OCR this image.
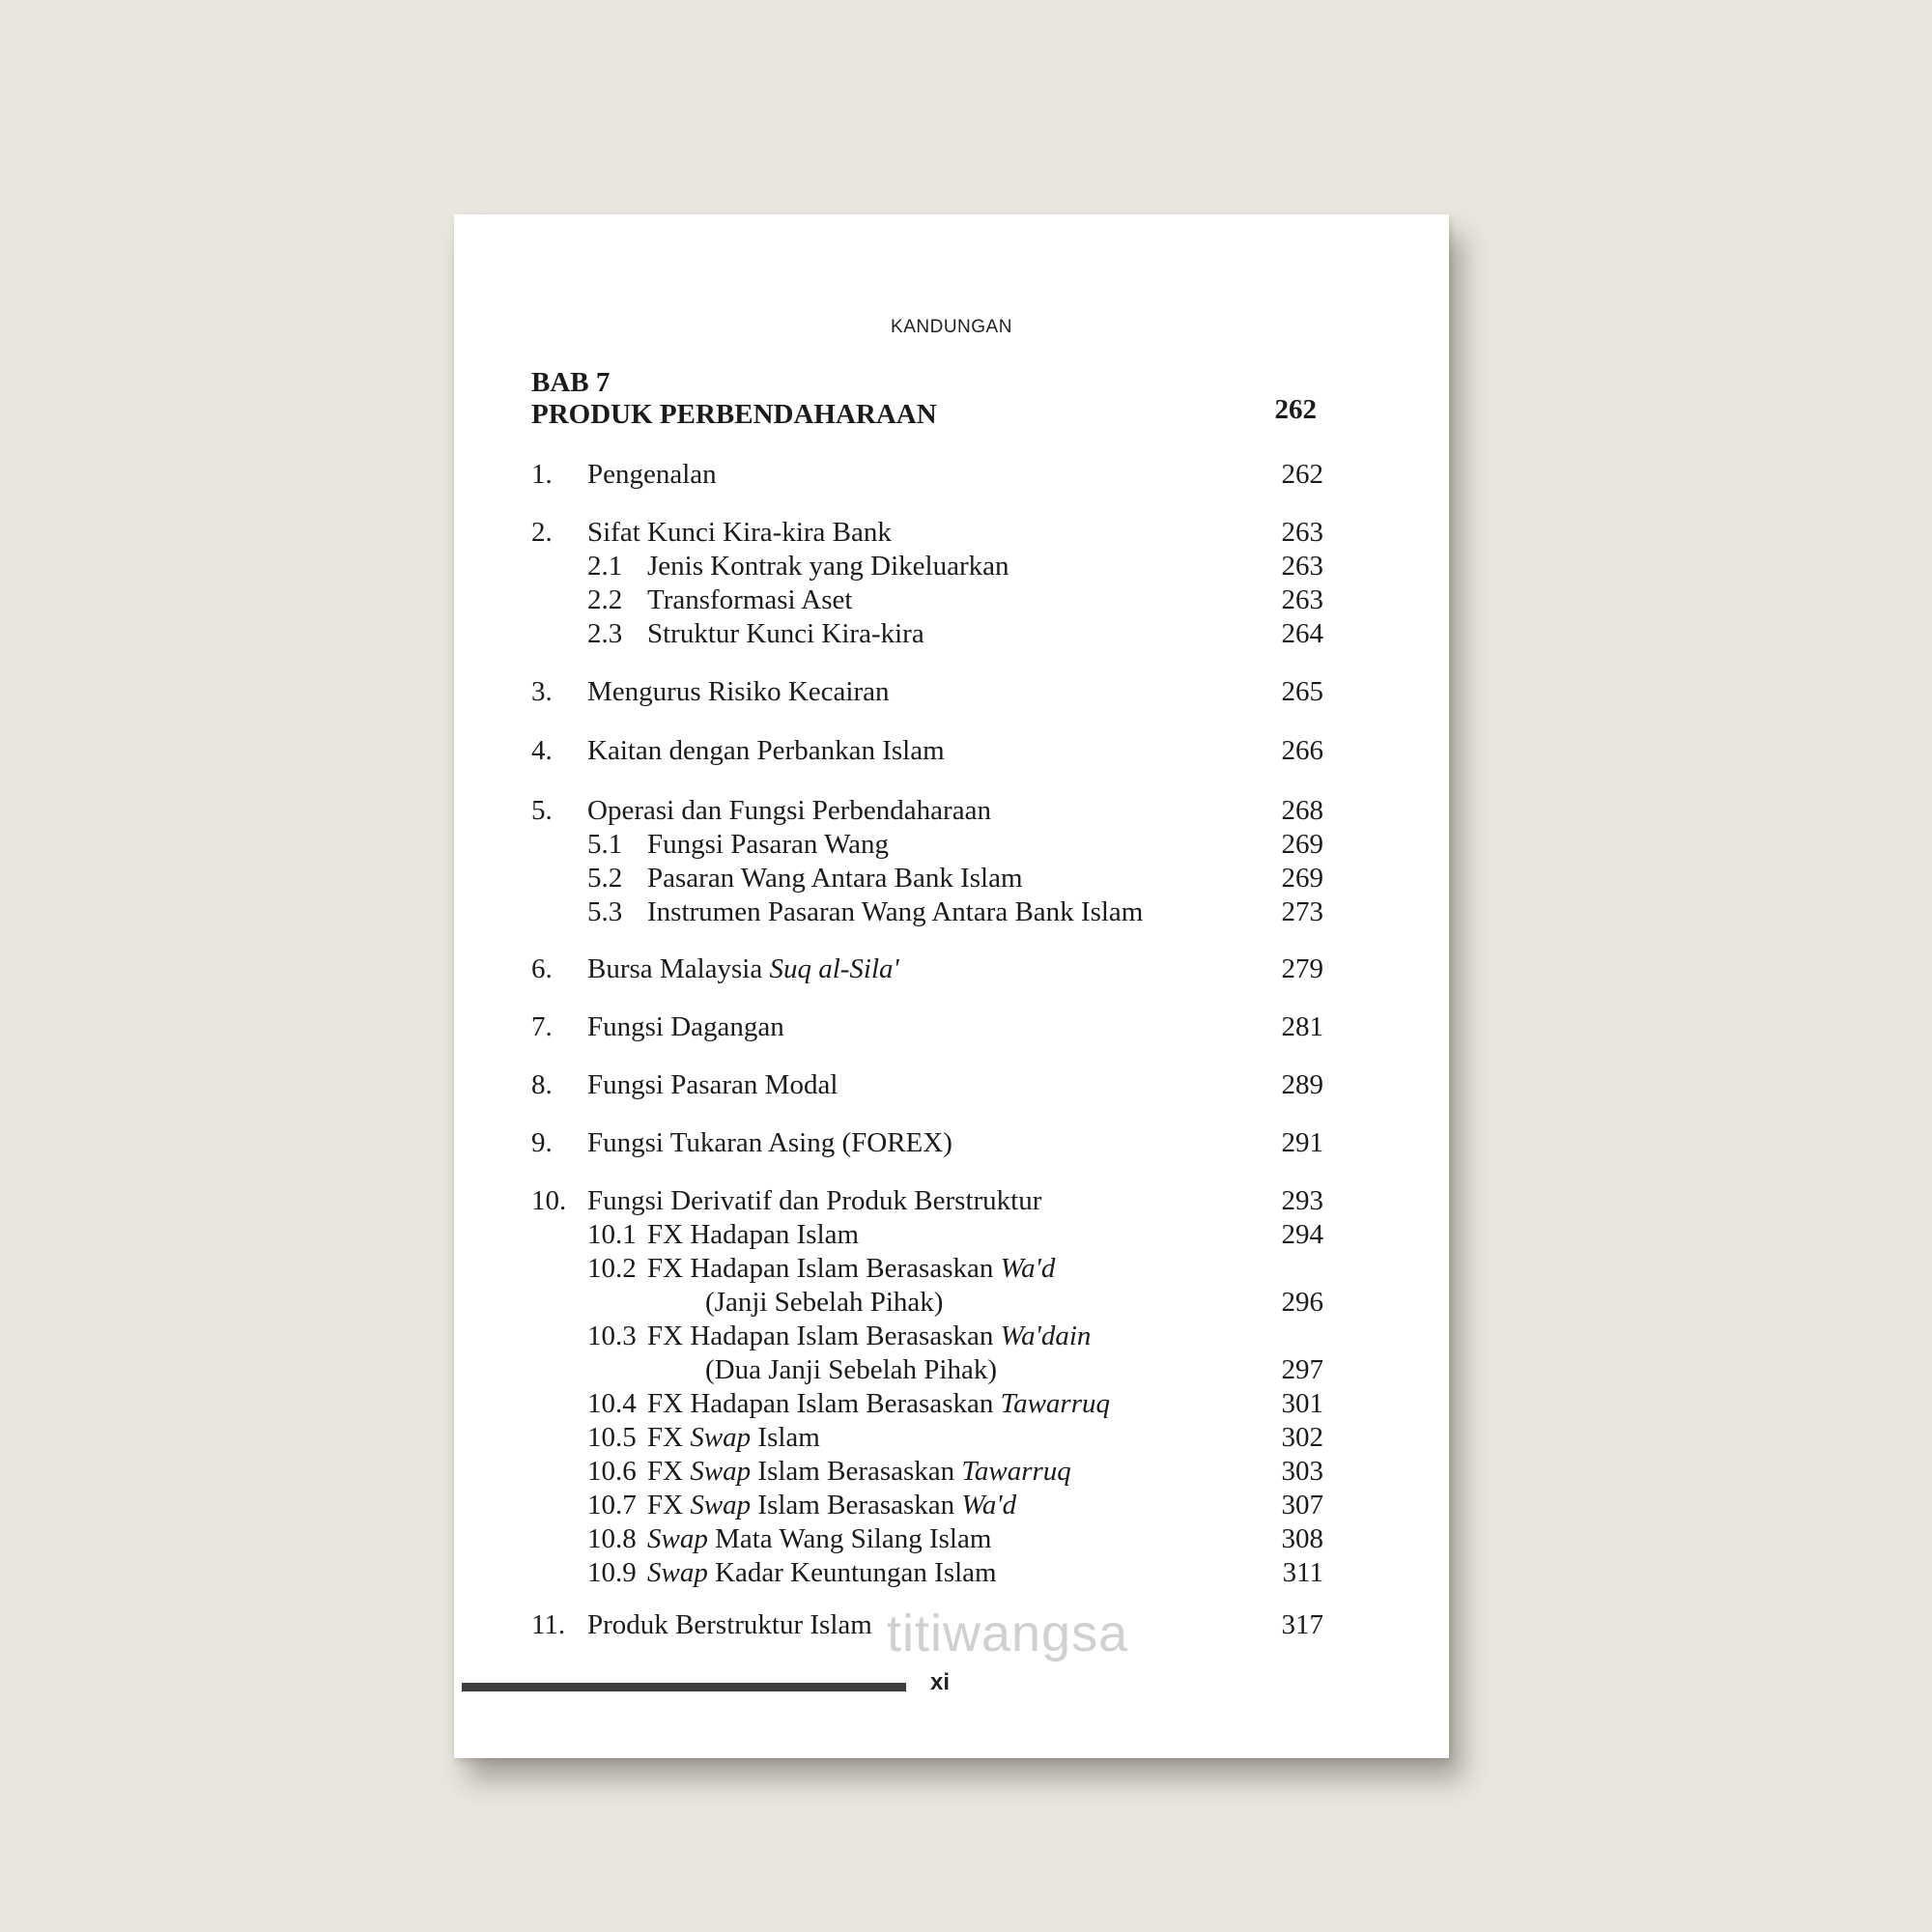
KANDUNGAN
BAB 7
PRODUK PERBENDAHARAAN	262
1. Pengenalan	262
2. Sifat Kunci Kira-kira Bank	263
2.1 Jenis Kontrak yang Dikeluarkan	263
2.2 Transformasi Aset	263
2.3 Struktur Kunci Kira-kira	264
3. Mengurus Risiko Kecairan	265
4. Kaitan dengan Perbankan Islam	266
5. Operasi dan Fungsi Perbendaharaan	268
5.1 Fungsi Pasaran Wang	269
5.2 Pasaran Wang Antara Bank Islam	269
5.3 Instrumen Pasaran Wang Antara Bank Islam	273
6. Bursa Malaysia Suq al-Sila'	279
7. Fungsi Dagangan	281
8. Fungsi Pasaran Modal	289
9. Fungsi Tukaran Asing (FOREX)	291
10. Fungsi Derivatif dan Produk Berstruktur	293
10.1 FX Hadapan Islam	294
10.2 FX Hadapan Islam Berasaskan Wa'd
(Janji Sebelah Pihak)	296
10.3 FX Hadapan Islam Berasaskan Wa'dain
(Dua Janji Sebelah Pihak)	297
10.4 FX Hadapan Islam Berasaskan Tawarruq	301
10.5 FX Swap Islam	302
10.6 FX Swap Islam Berasaskan Tawarruq	303
10.7 FX Swap Islam Berasaskan Wa'd	307
10.8 Swap Mata Wang Silang Islam	308
10.9 Swap Kadar Keuntungan Islam	311
11. Produk Berstruktur Islam	317
xi
titiwangsa
